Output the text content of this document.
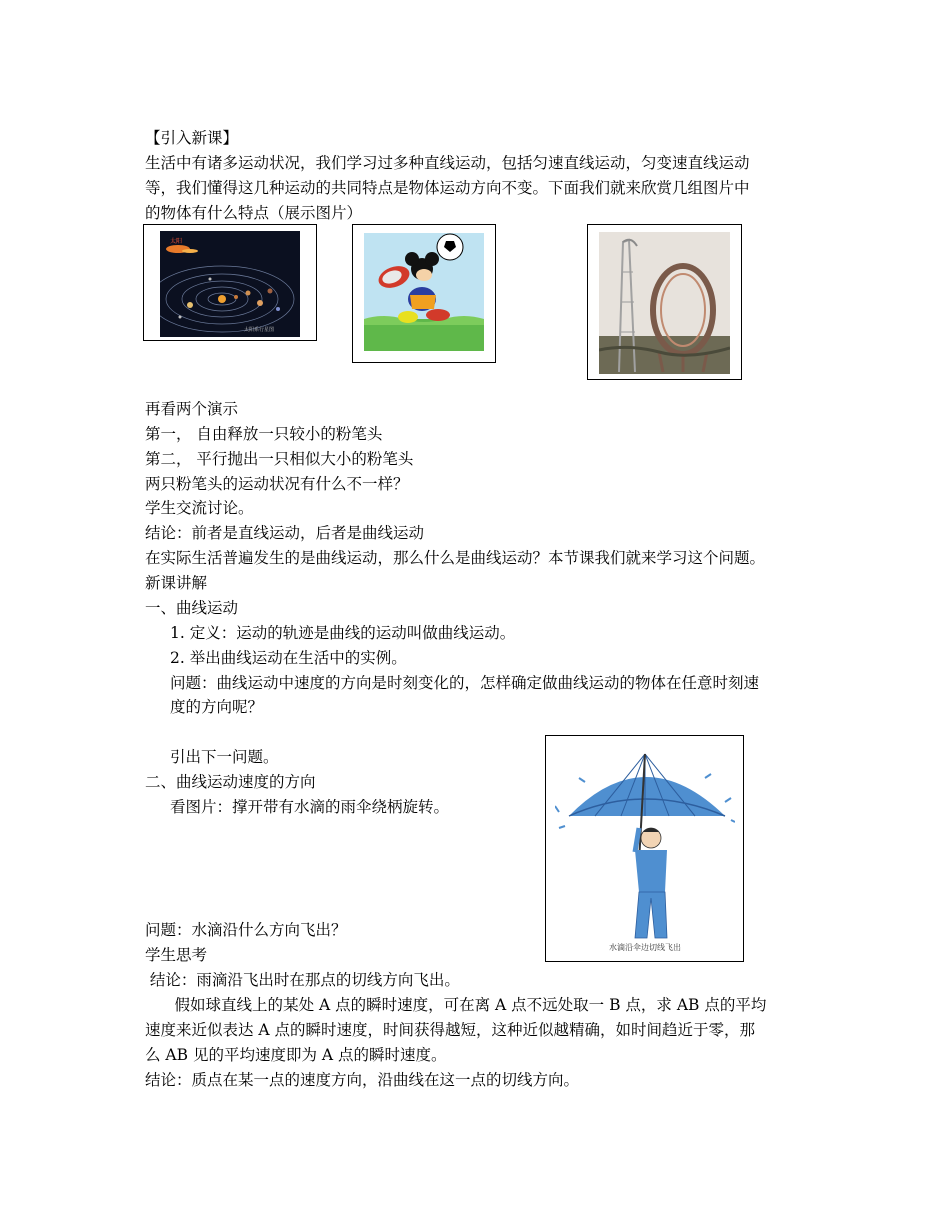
【引入新课】
生活中有诸多运动状况，我们学习过多种直线运动，包括匀速直线运动，匀变速直线运动
等，我们懂得这几种运动的共同特点是物体运动方向不变。下面我们就来欣赏几组图片中
的物体有什么特点（展示图片）
太阳
太阳系行星图
再看两个演示
第一， 自由释放一只较小的粉笔头
第二， 平行抛出一只相似大小的粉笔头
两只粉笔头的运动状况有什么不一样？
学生交流讨论。
结论：前者是直线运动，后者是曲线运动
在实际生活普遍发生的是曲线运动，那么什么是曲线运动？本节课我们就来学习这个问题。
新课讲解
一、曲线运动
1. 定义：运动的轨迹是曲线的运动叫做曲线运动。
2. 举出曲线运动在生活中的实例。
问题：曲线运动中速度的方向是时刻变化的，怎样确定做曲线运动的物体在任意时刻速
度的方向呢？
引出下一问题。
二、曲线运动速度的方向
看图片：撑开带有水滴的雨伞绕柄旋转。
水滴沿伞边切线飞出
问题：水滴沿什么方向飞出？
学生思考
结论：雨滴沿飞出时在那点的切线方向飞出。
假如球直线上的某处 A 点的瞬时速度，可在离 A 点不远处取一 B 点，求 AB 点的平均
速度来近似表达 A 点的瞬时速度，时间获得越短，这种近似越精确，如时间趋近于零，那
么 AB 见的平均速度即为 A 点的瞬时速度。
结论：质点在某一点的速度方向，沿曲线在这一点的切线方向。
